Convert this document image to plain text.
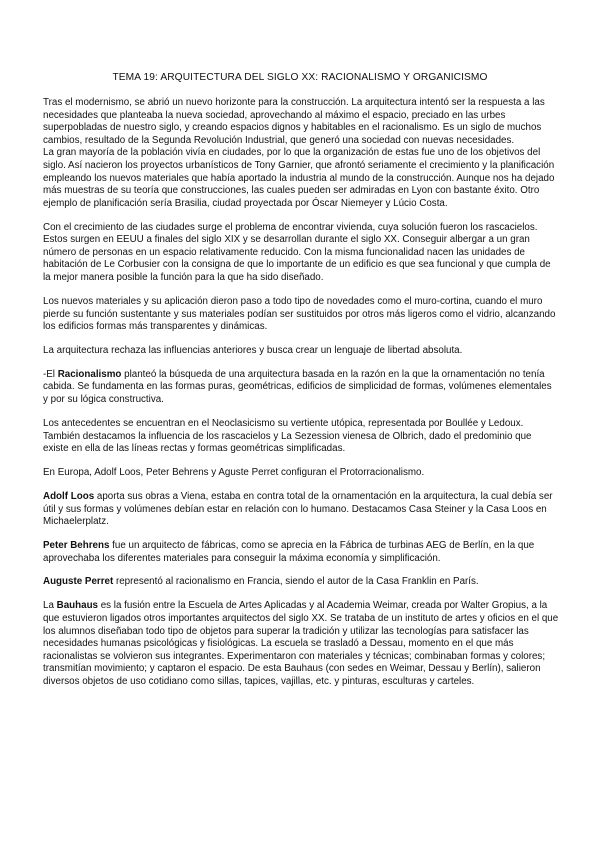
TEMA 19: ARQUITECTURA DEL SIGLO XX: RACIONALISMO Y ORGANICISMO

Tras el modernismo, se abrió un nuevo horizonte para la construcción. La arquitectura intentó ser la respuesta a las necesidades que planteaba la nueva sociedad, aprovechando al máximo el espacio, preciado en las urbes superpobladas de nuestro siglo, y creando espacios dignos y habitables en el racionalismo. Es un siglo de muchos cambios, resultado de la Segunda Revolución Industrial, que generó una sociedad con nuevas necesidades.

La gran mayoría de la población vivía en ciudades, por lo que la organización de estas fue uno de los objetivos del siglo. Así nacieron los proyectos urbanísticos de Tony Garnier, que afrontó seriamente el crecimiento y la planificación empleando los nuevos materiales que había aportado la industria al mundo de la construcción. Aunque nos ha dejado más muestras de su teoría que construcciones, las cuales pueden ser admiradas en Lyon con bastante éxito. Otro ejemplo de planificación sería Brasilia, ciudad proyectada por Óscar Niemeyer y Lúcio Costa.

Con el crecimiento de las ciudades surge el problema de encontrar vivienda, cuya solución fueron los rascacielos. Estos surgen en EEUU a finales del siglo XIX y se desarrollan durante el siglo XX. Conseguir albergar a un gran número de personas en un espacio relativamente reducido. Con la misma funcionalidad nacen las unidades de habitación de Le Corbusier con la consigna de que lo importante de un edificio es que sea funcional y que cumpla de la mejor manera posible la función para la que ha sido diseñado.

Los nuevos materiales y su aplicación dieron paso a todo tipo de novedades como el muro-cortina, cuando el muro pierde su función sustentante y sus materiales podían ser sustituidos por otros más ligeros como el vidrio, alcanzando los edificios formas más transparentes y dinámicas.

La arquitectura rechaza las influencias anteriores y busca crear un lenguaje de libertad absoluta.

-El Racionalismo planteó la búsqueda de una arquitectura basada en la razón en la que la ornamentación no tenía cabida. Se fundamenta en las formas puras, geométricas, edificios de simplicidad de formas, volúmenes elementales y por su lógica constructiva.

Los antecedentes se encuentran en el Neoclasicismo su vertiente utópica, representada por Boullée y Ledoux. También destacamos la influencia de los rascacielos y La Sezession vienesa de Olbrich, dado el predominio que existe en ella de las líneas rectas y formas geométricas simplificadas.

En Europa, Adolf Loos, Peter Behrens y Aguste Perret configuran el Protorracionalismo.

Adolf Loos aporta sus obras a Viena, estaba en contra total de la ornamentación en la arquitectura, la cual debía ser útil y sus formas y volúmenes debían estar en relación con lo humano. Destacamos Casa Steiner y la Casa Loos en Michaelerplatz.

Peter Behrens fue un arquitecto de fábricas, como se aprecia en la Fábrica de turbinas AEG de Berlín, en la que aprovechaba los diferentes materiales para conseguir la máxima economía y simplificación.

Auguste Perret representó al racionalismo en Francia, siendo el autor de la Casa Franklin en París.

La Bauhaus es la fusión entre la Escuela de Artes Aplicadas y al Academia Weimar, creada por Walter Gropius, a la que estuvieron ligados otros importantes arquitectos del siglo XX. Se trataba de un instituto de artes y oficios en el que los alumnos diseñaban todo tipo de objetos para superar la tradición y utilizar las tecnologías para satisfacer las necesidades humanas psicológicas y fisiológicas. La escuela se trasladó a Dessau, momento en el que más racionalistas se volvieron sus integrantes. Experimentaron con materiales y técnicas; combinaban formas y colores; transmitían movimiento; y captaron el espacio. De esta Bauhaus (con sedes en Weimar, Dessau y Berlín), salieron diversos objetos de uso cotidiano como sillas, tapices, vajillas, etc. y pinturas, esculturas y carteles.
